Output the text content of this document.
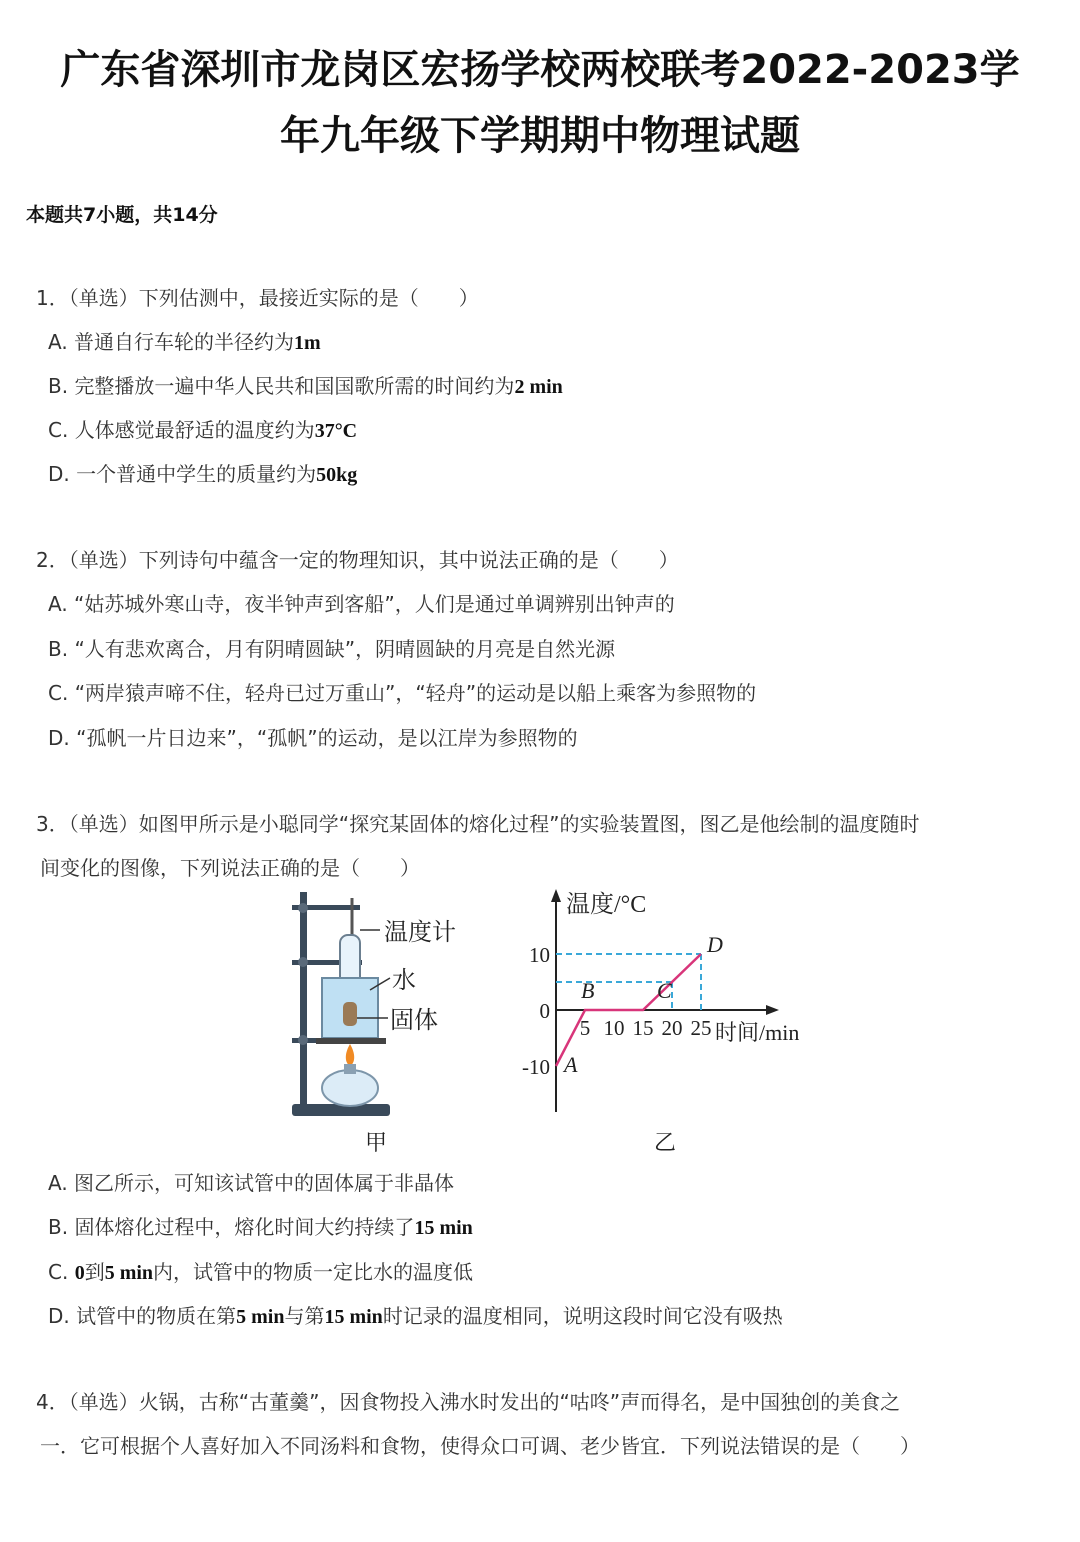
广东省深圳市龙岗区宏扬学校两校联考2022-2023学
年九年级下学期期中物理试题
本题共7小题，共14分
1．（单选）下列估测中，最接近实际的是（　　）
A. 普通自行车轮的半径约为1m
B. 完整播放一遍中华人民共和国国歌所需的时间约为2 min
C. 人体感觉最舒适的温度约为37°C
D. 一个普通中学生的质量约为50kg
2．（单选）下列诗句中蕴含一定的物理知识，其中说法正确的是（　　）
A. “姑苏城外寒山寺，夜半钟声到客船”，人们是通过单调辨别出钟声的
B. “人有悲欢离合，月有阴晴圆缺”，阴晴圆缺的月亮是自然光源
C. “两岸猿声啼不住，轻舟已过万重山”，“轻舟”的运动是以船上乘客为参照物的
D. “孤帆一片日边来”，“孤帆”的运动，是以江岸为参照物的
3．（单选）如图甲所示是小聪同学“探究某固体的熔化过程”的实验装置图，图乙是他绘制的温度随时
间变化的图像，下列说法正确的是（　　）
温度计
水
固体
甲
温度/°C
时间/min
5 10 15 20 25
-10
0
10
A
B	C
D
乙
A. 图乙所示，可知该试管中的固体属于非晶体
B. 固体熔化过程中，熔化时间大约持续了15 min
C. 0到5 min内，试管中的物质一定比水的温度低
D. 试管中的物质在第5 min与第15 min时记录的温度相同，说明这段时间它没有吸热
4．（单选）火锅，古称“古董羹”，因食物投入沸水时发出的“咕咚”声而得名，是中国独创的美食之
一．它可根据个人喜好加入不同汤料和食物，使得众口可调、老少皆宜．下列说法错误的是（　　）
